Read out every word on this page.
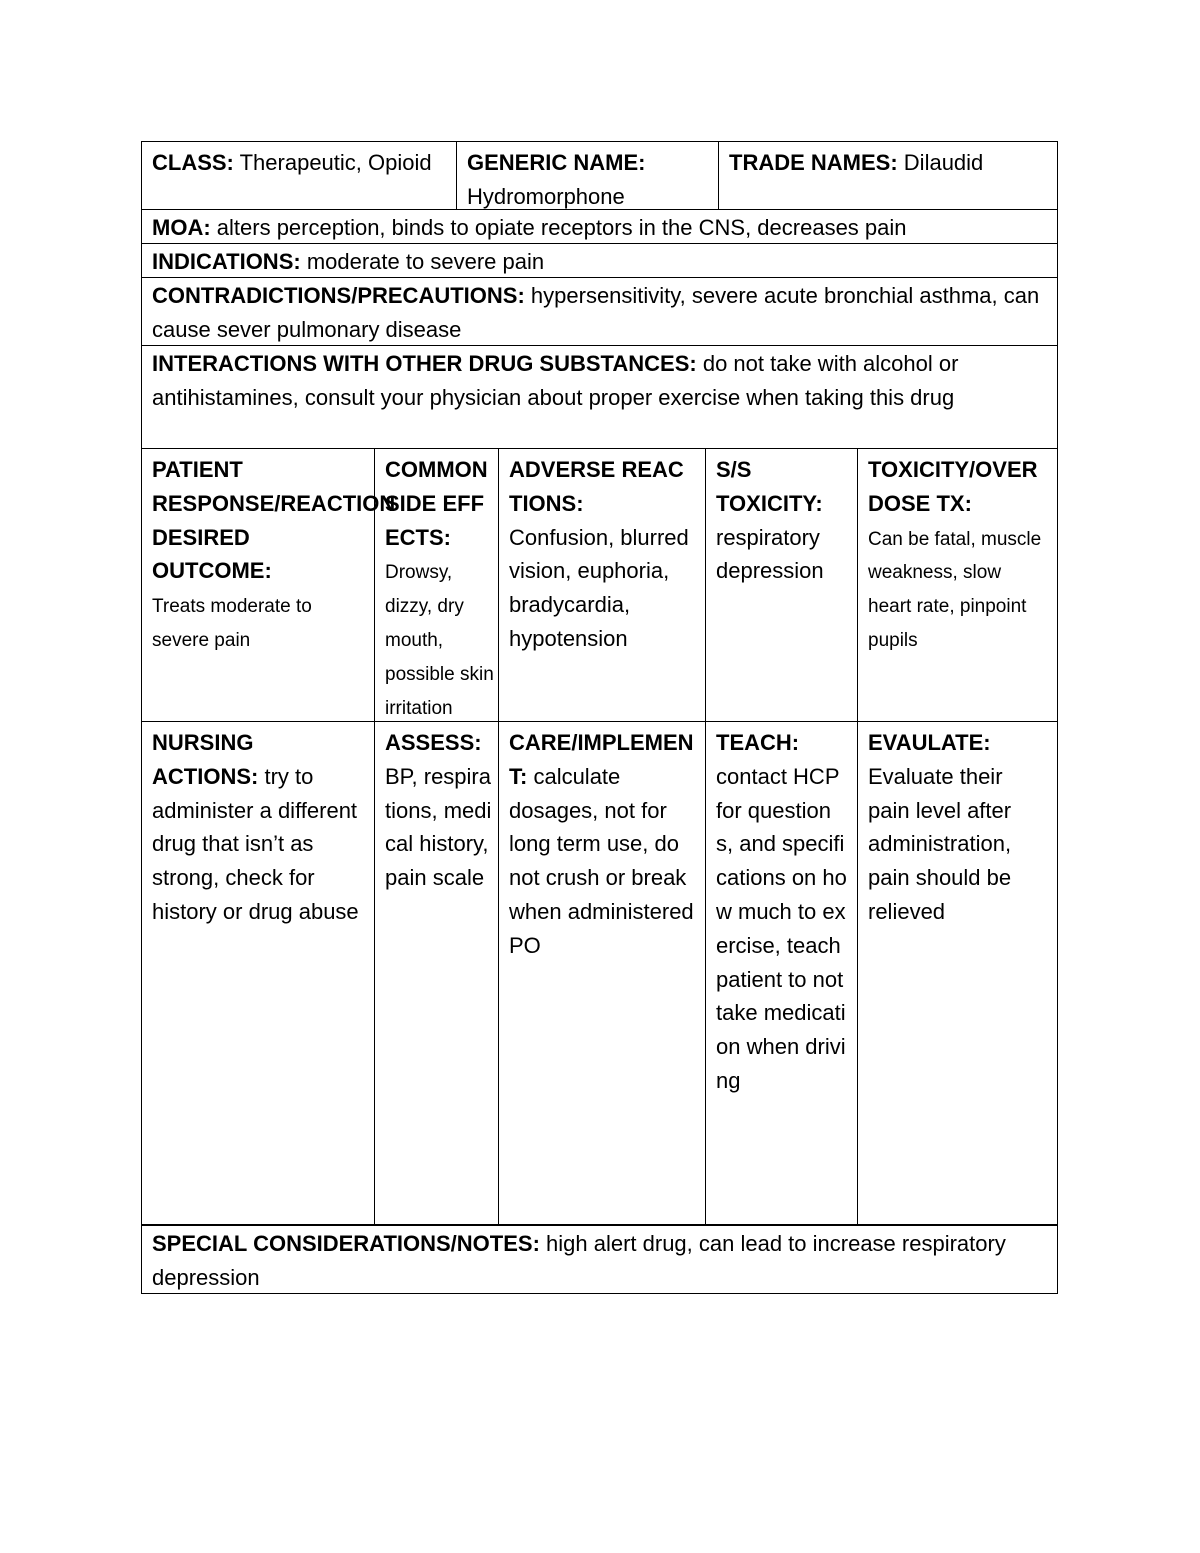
CLASS: Therapeutic, Opioid	GENERIC NAME: Hydromorphone
TRADE NAMES: Dilaudid
MOA: alters perception, binds to opiate receptors in the CNS, decreases pain
INDICATIONS: moderate to severe pain
CONTRADICTIONS/PRECAUTIONS: hypersensitivity, severe acute bronchial asthma, can cause sever pulmonary disease
INTERACTIONS WITH OTHER DRUG SUBSTANCES: do not take with alcohol or antihistamines, consult your physician about proper exercise when taking this drug
PATIENT RESPONSE/REACTION DESIRED OUTCOME:
Treats moderate to severe pain
COMMON SIDE EFFECTS:
Drowsy, dizzy, dry mouth, possible skin irritation
ADVERSE REACTIONS:
Confusion, blurred vision, euphoria, bradycardia, hypotension
S/S TOXICITY:
respiratory depression
TOXICITY/OVERDOSE TX:
Can be fatal, muscle weakness, slow heart rate, pinpoint pupils
NURSING ACTIONS: try to administer a different drug that isn’t as strong, check for history or drug abuse
ASSESS:
BP, respirations, medical history, pain scale
CARE/IMPLEMENT: calculate dosages, not for long term use, do not crush or break when administered PO
TEACH:
contact HCP for questions, and specifications on how much to exercise, teach patient to not take medication when driving
EVAULATE:
Evaluate their pain level after administration, pain should be relieved
SPECIAL CONSIDERATIONS/NOTES: high alert drug, can lead to increase respiratory depression
